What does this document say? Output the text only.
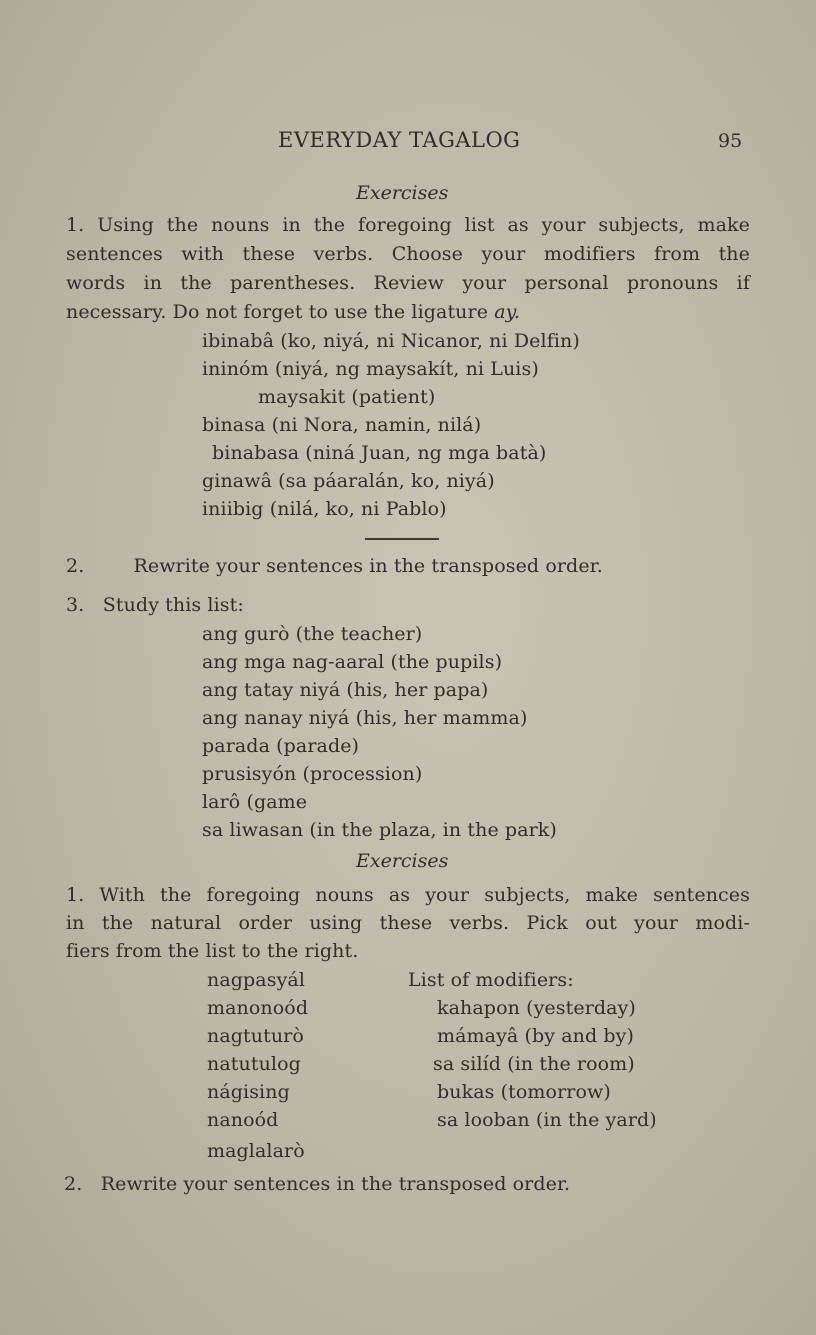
EVERYDAY TAGALOG	95
Exercises
1. Using the nouns in the foregoing list as your subjects, make
sentences with these verbs. Choose your modifiers from the
words in the parentheses. Review your personal pronouns if
necessary. Do not forget to use the ligature ay.
ibinabâ (ko, niyá, ni Nicanor, ni Delfin)
ininóm (niyá, ng maysakít, ni Luis)
maysakit (patient)
binasa (ni Nora, namin, nilá)
binabasa (niná Juan, ng mga batà)
ginawâ (sa páaralán, ko, niyá)
iniibig (nilá, ko, ni Pablo)
2.        Rewrite your sentences in the transposed order.
3.   Study this list:
ang gurò (the teacher)
ang mga nag-aaral (the pupils)
ang tatay niyá (his, her papa)
ang nanay niyá (his, her mamma)
parada (parade)
prusisyón (procession)
larô (game
sa liwasan (in the plaza, in the park)
Exercises
1. With the foregoing nouns as your subjects, make sentences
in the natural order using these verbs. Pick out your modi-
fiers from the list to the right.
nagpasyál
manonoód
nagtuturò
natutulog
nágising
nanoód
maglalarò
List of modifiers:
kahapon (yesterday)
mámayâ (by and by)
sa silíd (in the room)
bukas (tomorrow)
sa looban (in the yard)
2.   Rewrite your sentences in the transposed order.
